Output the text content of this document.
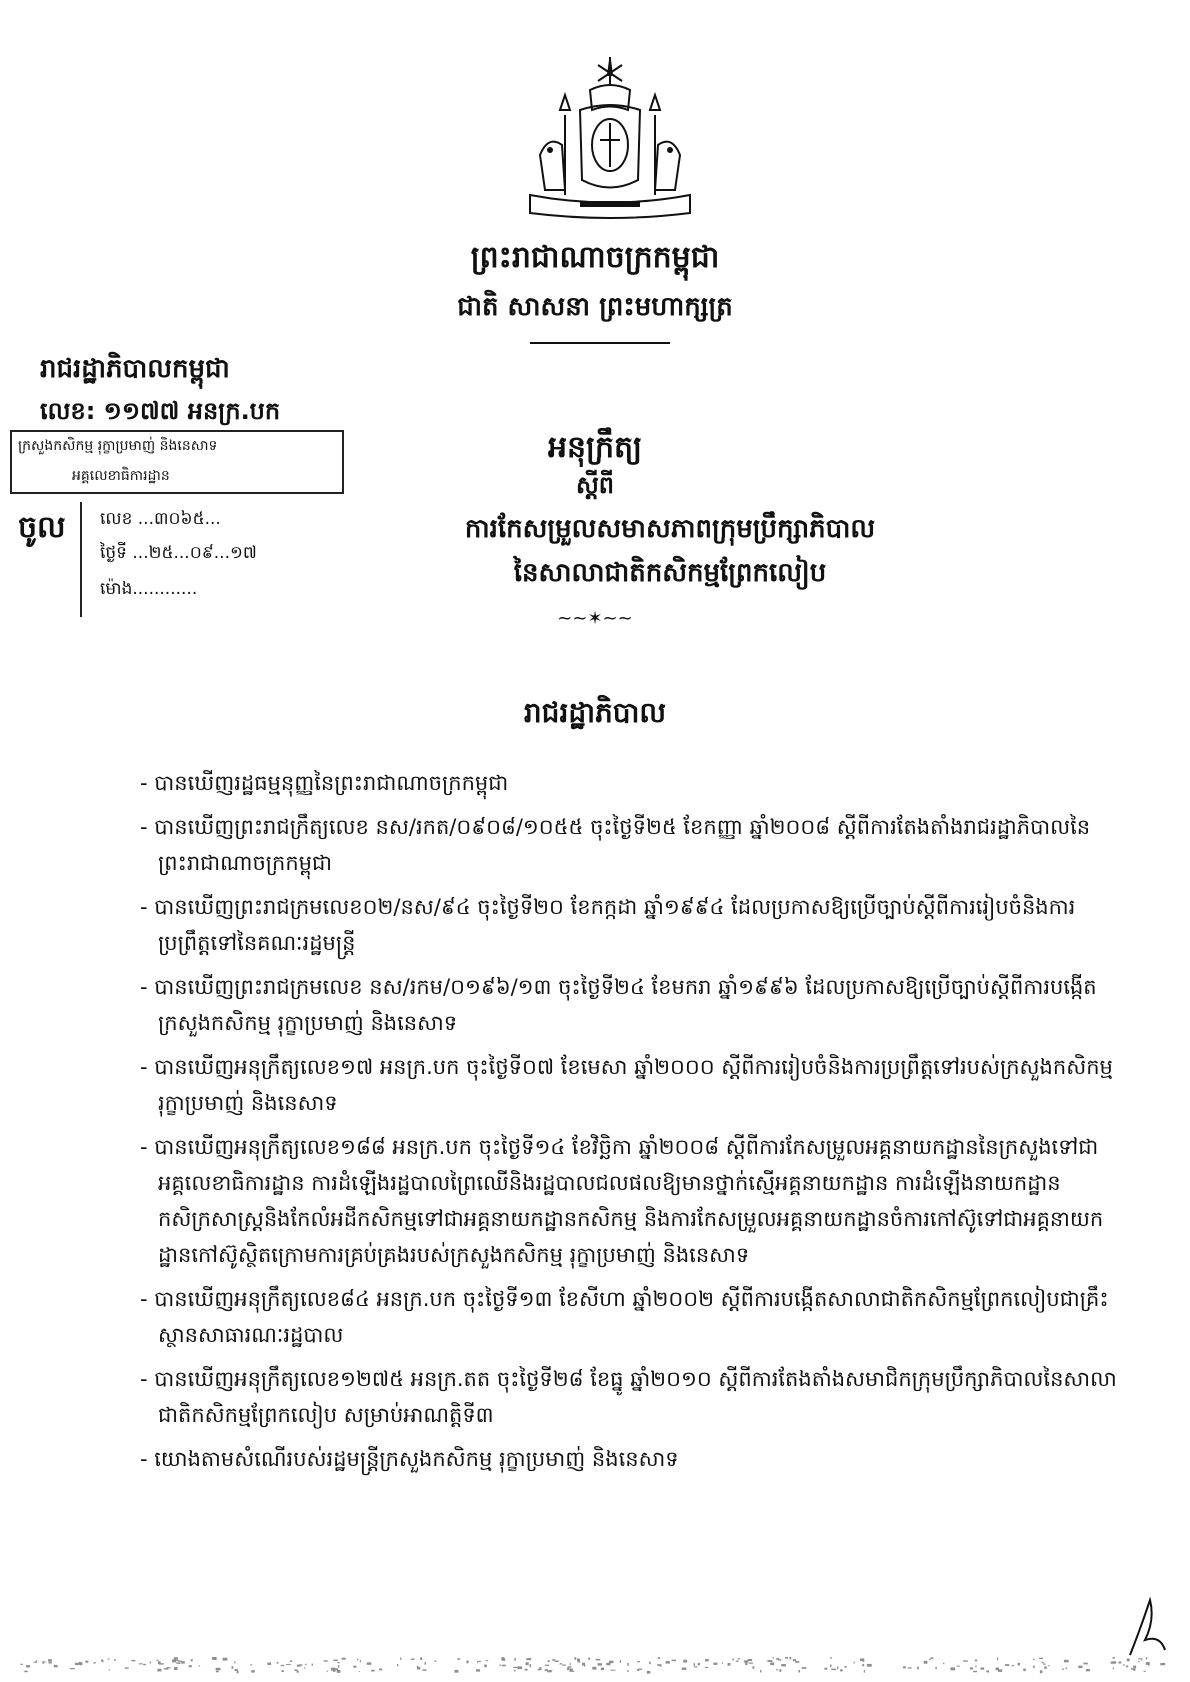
ព្រះរាជាណាចក្រកម្ពុជា
ជាតិ សាសនា ព្រះមហាក្សត្រ
រាជរដ្ឋាភិបាលកម្ពុជា
លេខ: ១១៧៧ អនក្រ.បក
ក្រសួងកសិកម្ម រុក្ខាប្រមាញ់ និងនេសាទ
អគ្គលេខាធិការដ្ឋាន
ចូល លេខ ...៣០៦៥...
ថ្ងៃទី ...២៥...០៩...១៧
ម៉ោង............
អនុក្រឹត្យ
ស្តីពី
ការកែសម្រួលសមាសភាពក្រុមប្រឹក្សាភិបាល
នៃសាលាជាតិកសិកម្មព្រែកលៀប
~~✶~~
រាជរដ្ឋាភិបាល
- បានឃើញរដ្ឋធម្មនុញ្ញនៃព្រះរាជាណាចក្រកម្ពុជា
- បានឃើញព្រះរាជក្រឹត្យលេខ នស/រកត/០៩០៨/១០៥៥ ចុះថ្ងៃទី២៥ ខែកញ្ញា ឆ្នាំ២០០៨ ស្តីពីការតែងតាំងរាជរដ្ឋាភិបាលនៃព្រះរាជាណាចក្រកម្ពុជា
- បានឃើញព្រះរាជក្រមលេខ០២/នស/៩៤ ចុះថ្ងៃទី២០ ខែកក្កដា ឆ្នាំ១៩៩៤ ដែលប្រកាសឱ្យប្រើច្បាប់ស្តីពីការរៀបចំនិងការប្រព្រឹត្តទៅនៃគណៈរដ្ឋមន្ត្រី
- បានឃើញព្រះរាជក្រមលេខ នស/រកម/០១៩៦/១៣ ចុះថ្ងៃទី២៤ ខែមករា ឆ្នាំ១៩៩៦ ដែលប្រកាសឱ្យប្រើច្បាប់ស្តីពីការបង្កើតក្រសួងកសិកម្ម រុក្ខាប្រមាញ់ និងនេសាទ
- បានឃើញអនុក្រឹត្យលេខ១៧ អនក្រ.បក ចុះថ្ងៃទី០៧ ខែមេសា ឆ្នាំ២០០០ ស្តីពីការរៀបចំនិងការប្រព្រឹត្តទៅរបស់ក្រសួងកសិកម្ម រុក្ខាប្រមាញ់ និងនេសាទ
- បានឃើញអនុក្រឹត្យលេខ១៨៨ អនក្រ.បក ចុះថ្ងៃទី១៤ ខែវិច្ឆិកា ឆ្នាំ២០០៨ ស្តីពីការកែសម្រួលអគ្គនាយកដ្ឋាននៃក្រសួងទៅជាអគ្គលេខាធិការដ្ឋាន ការដំឡើងរដ្ឋបាលព្រៃឈើនិងរដ្ឋបាលជលផលឱ្យមានថ្នាក់ស្មើអគ្គនាយកដ្ឋាន ការដំឡើងនាយកដ្ឋានកសិក្រសាស្ត្រនិងកែលំអដីកសិកម្មទៅជាអគ្គនាយកដ្ឋានកសិកម្ម និងការកែសម្រួលអគ្គនាយកដ្ឋានចំការកៅស៊ូទៅជាអគ្គនាយកដ្ឋានកៅស៊ូស្ថិតក្រោមការគ្រប់គ្រងរបស់ក្រសួងកសិកម្ម រុក្ខាប្រមាញ់ និងនេសាទ
- បានឃើញអនុក្រឹត្យលេខ៨៤ អនក្រ.បក ចុះថ្ងៃទី១៣ ខែសីហា ឆ្នាំ២០០២ ស្តីពីការបង្កើតសាលាជាតិកសិកម្មព្រែកលៀបជាគ្រឹះស្ថានសាធារណៈរដ្ឋបាល
- បានឃើញអនុក្រឹត្យលេខ១២៧៥ អនក្រ.តត ចុះថ្ងៃទី២៨ ខែធ្នូ ឆ្នាំ២០១០ ស្តីពីការតែងតាំងសមាជិកក្រុមប្រឹក្សាភិបាលនៃសាលាជាតិកសិកម្មព្រែកលៀប សម្រាប់អាណត្តិទី៣
- យោងតាមសំណើរបស់រដ្ឋមន្ត្រីក្រសួងកសិកម្ម រុក្ខាប្រមាញ់ និងនេសាទ
